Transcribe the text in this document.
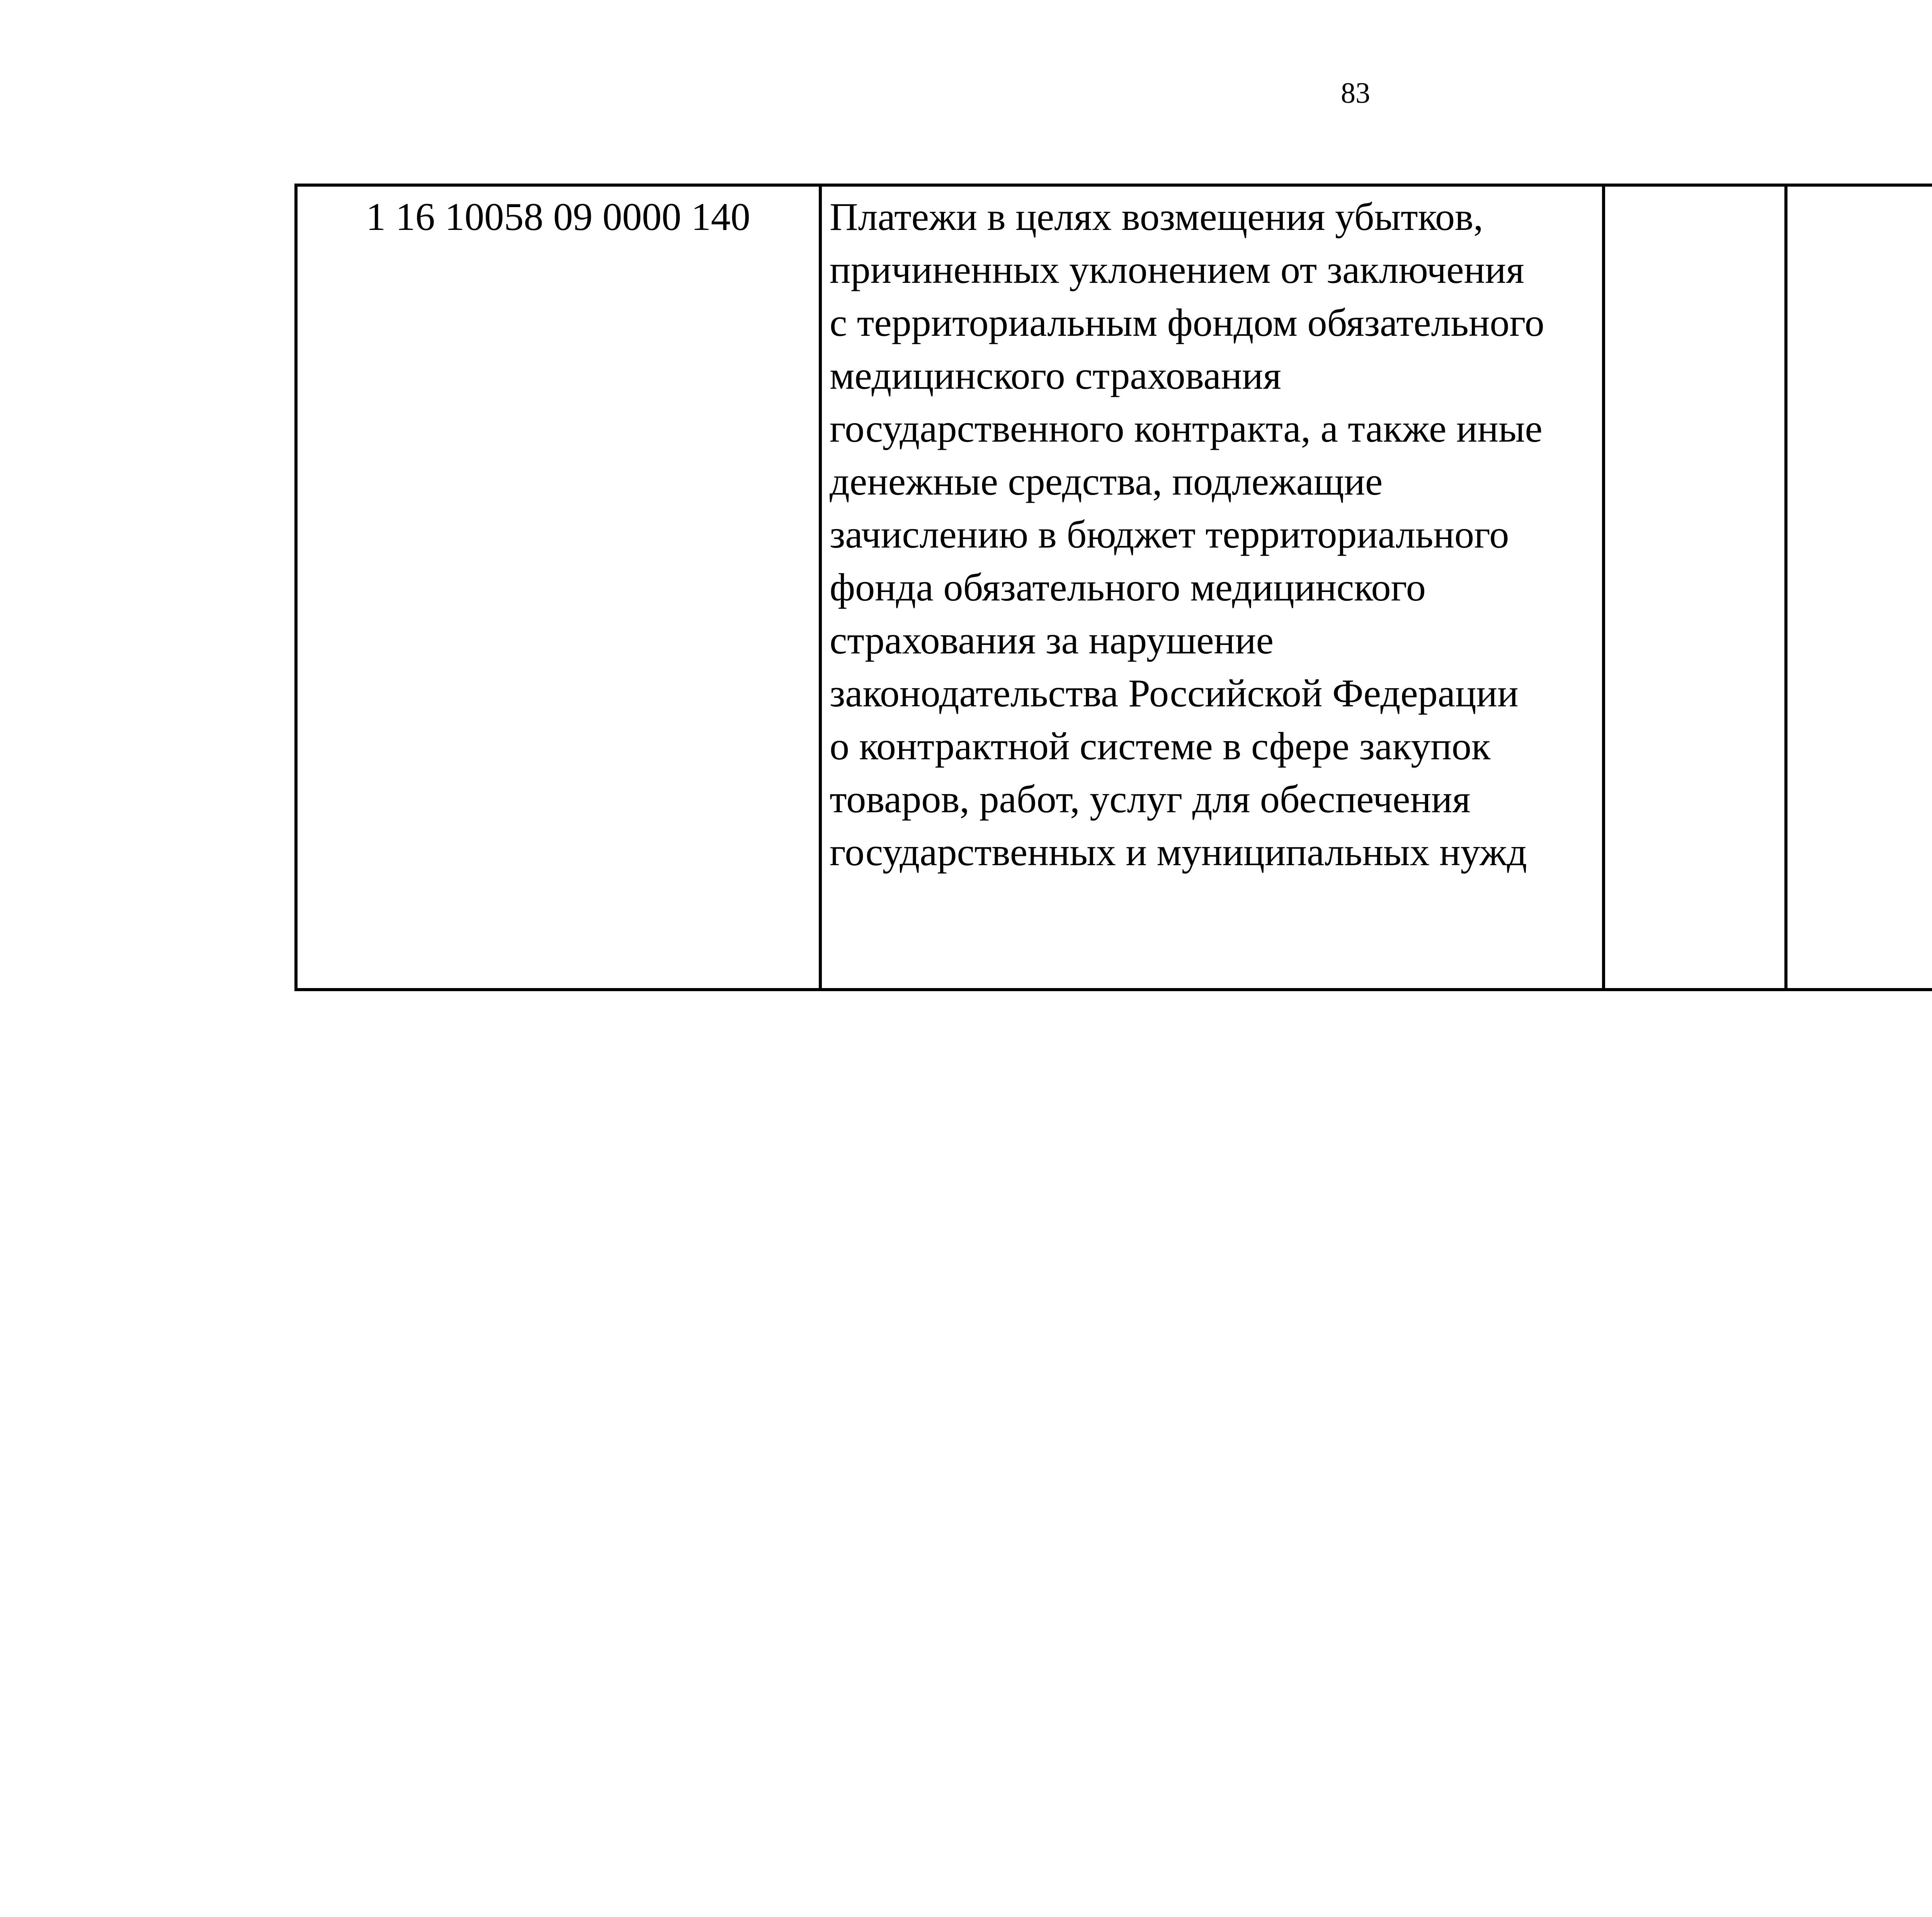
83
1 16 10058 09 0000 140	Платежи в целях возмещения убытков,
причиненных уклонением от заключения
с территориальным фондом обязательного
медицинского страхования
государственного контракта, а также иные
денежные средства, подлежащие
зачислению в бюджет территориального
фонда обязательного медицинского
страхования за нарушение
законодательства Российской Федерации
о контрактной системе в сфере закупок
товаров, работ, услуг для обеспечения
государственных и муниципальных нужд					
